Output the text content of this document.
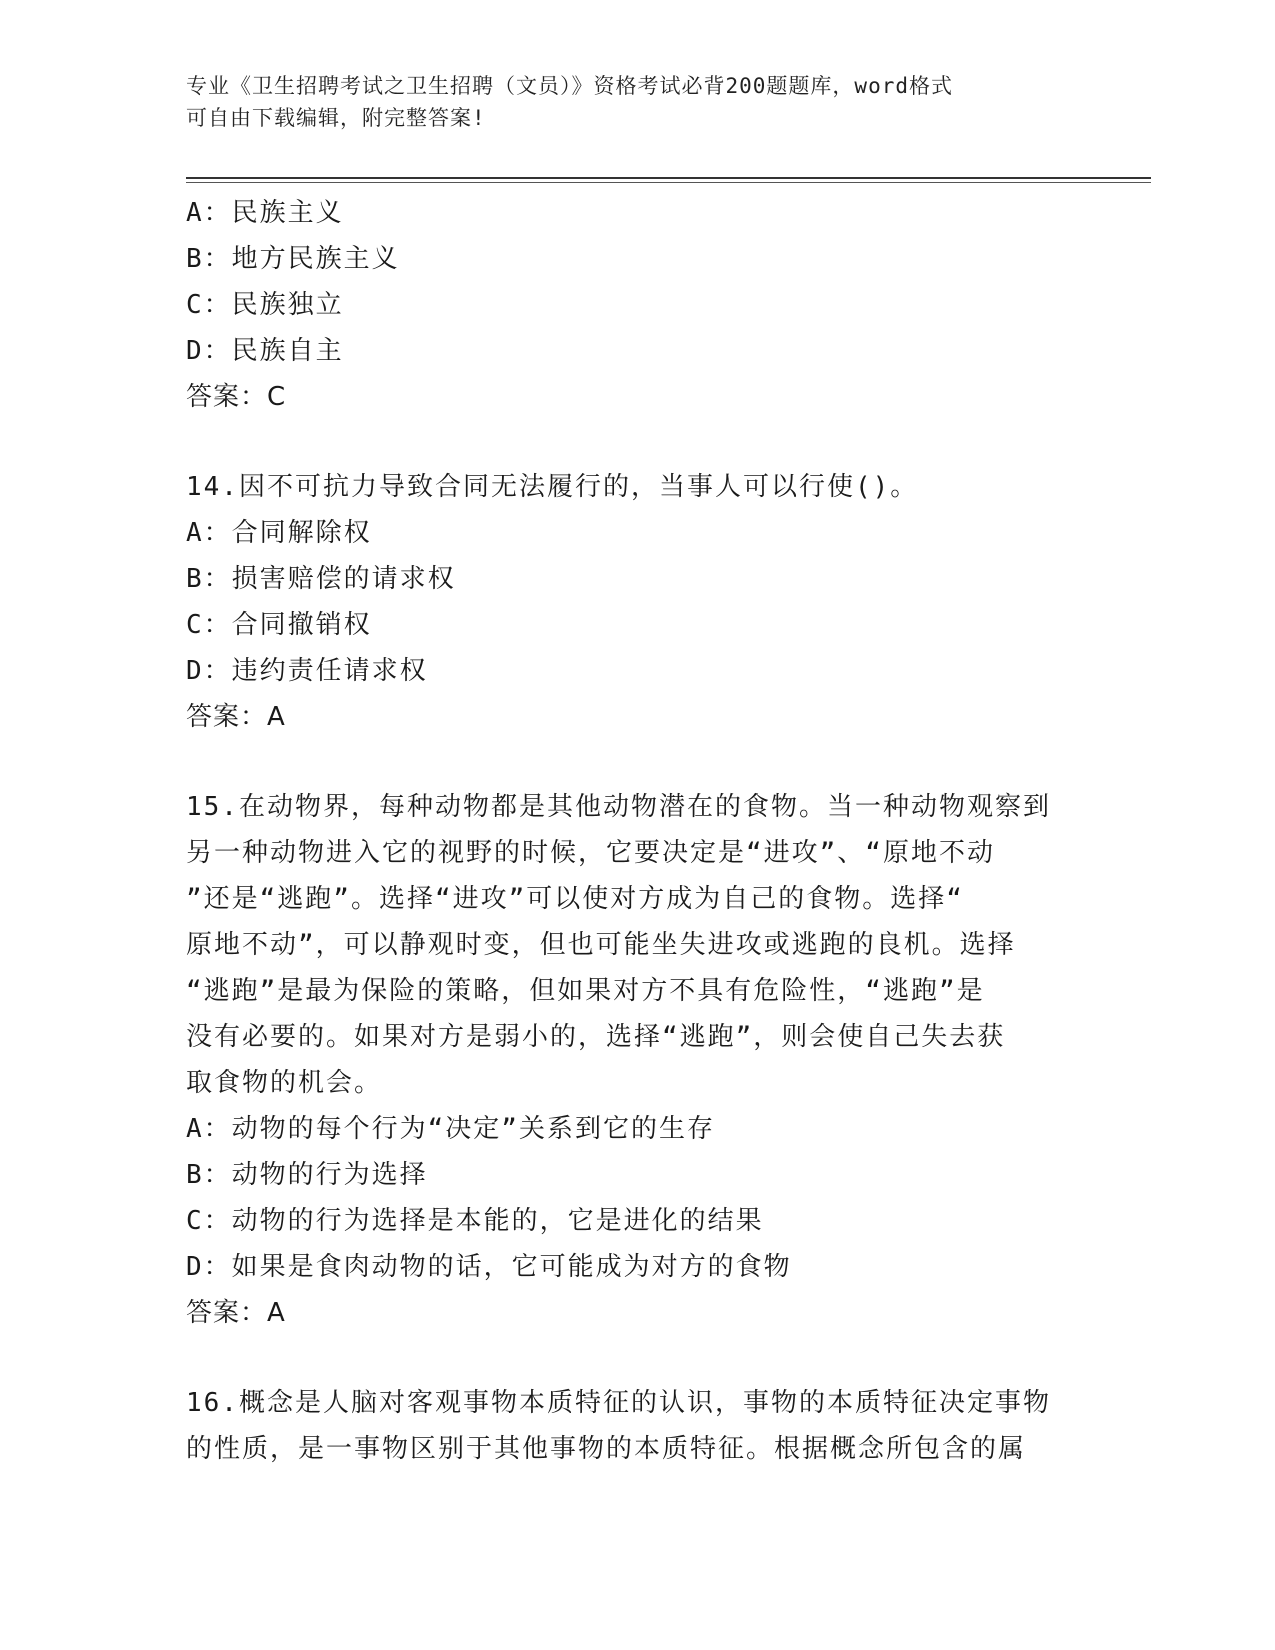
专业《卫生招聘考试之卫生招聘（文员）》资格考试必背200题题库，word格式
可自由下载编辑，附完整答案!
A：民族主义
B：地方民族主义
C：民族独立
D：民族自主
答案：C
14.因不可抗力导致合同无法履行的，当事人可以行使()。
A：合同解除权
B：损害赔偿的请求权
C：合同撤销权
D：违约责任请求权
答案：A
15.在动物界，每种动物都是其他动物潜在的食物。当一种动物观察到
另一种动物进入它的视野的时候，它要决定是“进攻”、“原地不动
”还是“逃跑”。选择“进攻”可以使对方成为自己的食物。选择“
原地不动”，可以静观时变，但也可能坐失进攻或逃跑的良机。选择
“逃跑”是最为保险的策略，但如果对方不具有危险性，“逃跑”是
没有必要的。如果对方是弱小的，选择“逃跑”，则会使自己失去获
取食物的机会。
A：动物的每个行为“决定”关系到它的生存
B：动物的行为选择
C：动物的行为选择是本能的，它是进化的结果
D：如果是食肉动物的话，它可能成为对方的食物
答案：A
16.概念是人脑对客观事物本质特征的认识，事物的本质特征决定事物
的性质，是一事物区别于其他事物的本质特征。根据概念所包含的属
